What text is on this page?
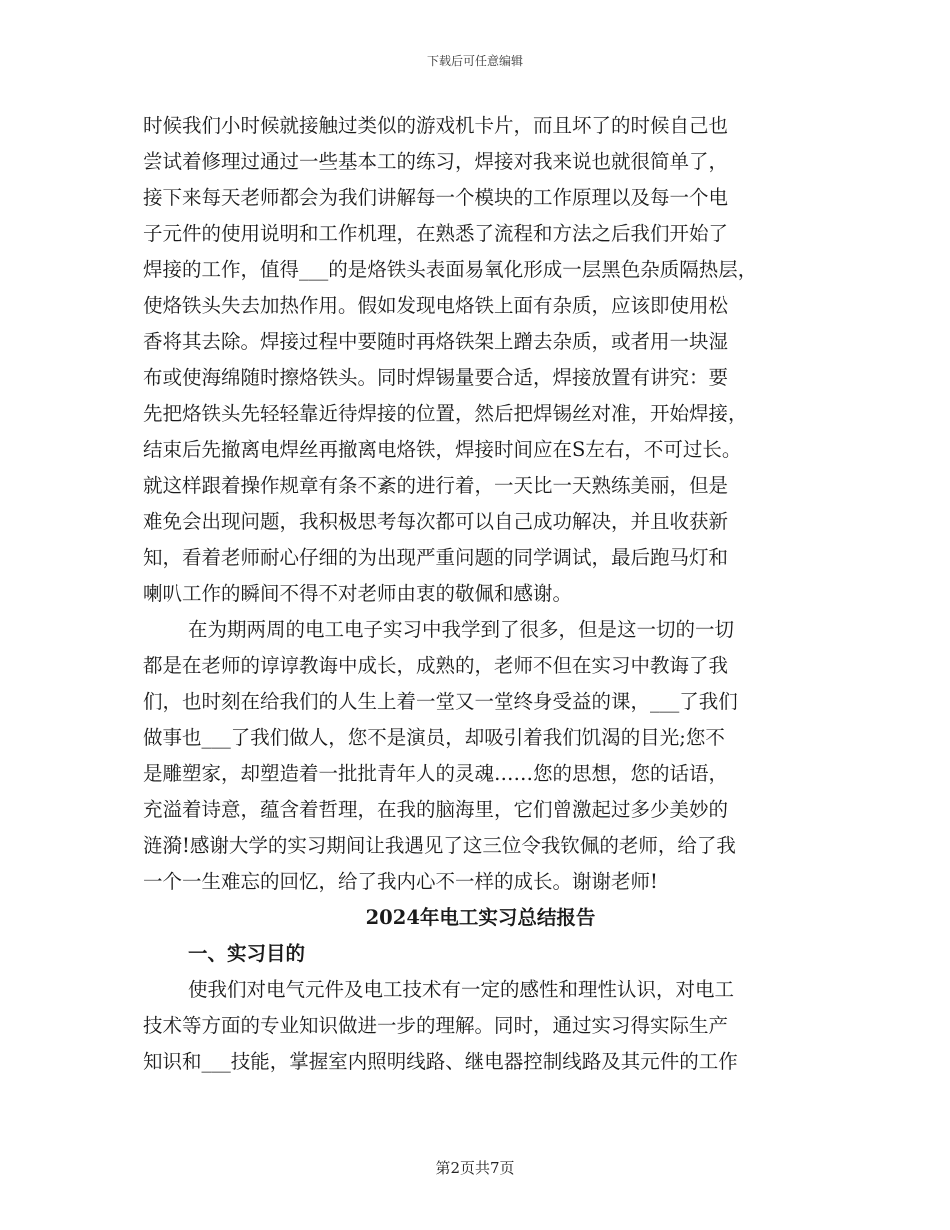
下载后可任意编辑
时候我们小时候就接触过类似的游戏机卡片，而且坏了的时候自己也
尝试着修理过通过一些基本工的练习，焊接对我来说也就很简单了，
接下来每天老师都会为我们讲解每一个模块的工作原理以及每一个电
子元件的使用说明和工作机理，在熟悉了流程和方法之后我们开始了
焊接的工作，值得___的是烙铁头表面易氧化形成一层黑色杂质隔热层，
使烙铁头失去加热作用。假如发现电烙铁上面有杂质，应该即使用松
香将其去除。焊接过程中要随时再烙铁架上蹭去杂质，或者用一块湿
布或使海绵随时擦烙铁头。同时焊锡量要合适，焊接放置有讲究：要
先把烙铁头先轻轻靠近待焊接的位置，然后把焊锡丝对准，开始焊接，
结束后先撤离电焊丝再撤离电烙铁，焊接时间应在S左右，不可过长。
就这样跟着操作规章有条不紊的进行着，一天比一天熟练美丽，但是
难免会出现问题，我积极思考每次都可以自己成功解决，并且收获新
知，看着老师耐心仔细的为出现严重问题的同学调试，最后跑马灯和
喇叭工作的瞬间不得不对老师由衷的敬佩和感谢。
在为期两周的电工电子实习中我学到了很多，但是这一切的一切
都是在老师的谆谆教诲中成长，成熟的，老师不但在实习中教诲了我
们，也时刻在给我们的人生上着一堂又一堂终身受益的课，___了我们
做事也___了我们做人，您不是演员，却吸引着我们饥渴的目光;您不
是雕塑家，却塑造着一批批青年人的灵魂……您的思想，您的话语，
充溢着诗意，蕴含着哲理，在我的脑海里，它们曾激起过多少美妙的
涟漪!感谢大学的实习期间让我遇见了这三位令我钦佩的老师，给了我
一个一生难忘的回忆，给了我内心不一样的成长。谢谢老师!
2024年电工实习总结报告
一、实习目的
使我们对电气元件及电工技术有一定的感性和理性认识，对电工
技术等方面的专业知识做进一步的理解。同时，通过实习得实际生产
知识和___技能，掌握室内照明线路、继电器控制线路及其元件的工作
第2页共7页
